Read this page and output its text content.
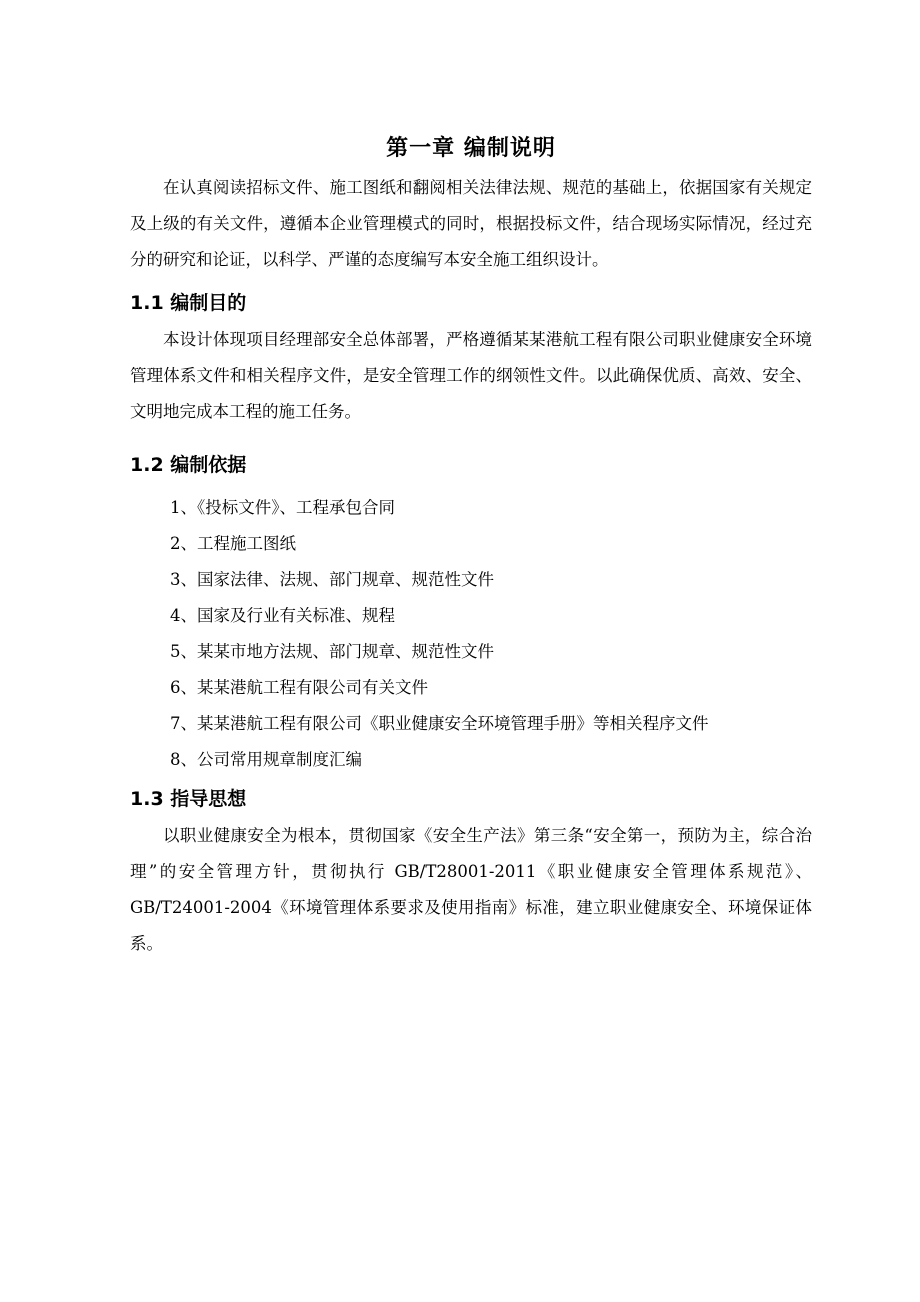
第一章 编制说明

在认真阅读招标文件、施工图纸和翻阅相关法律法规、规范的基础上，依据国家有关规定及上级的有关文件，遵循本企业管理模式的同时，根据投标文件，结合现场实际情况，经过充分的研究和论证，以科学、严谨的态度编写本安全施工组织设计。

1.1 编制目的

本设计体现项目经理部安全总体部署，严格遵循某某港航工程有限公司职业健康安全环境管理体系文件和相关程序文件，是安全管理工作的纲领性文件。以此确保优质、高效、安全、文明地完成本工程的施工任务。

1.2 编制依据
1、《投标文件》、工程承包合同
2、工程施工图纸
3、国家法律、法规、部门规章、规范性文件
4、国家及行业有关标准、规程
5、某某市地方法规、部门规章、规范性文件
6、某某港航工程有限公司有关文件
7、某某港航工程有限公司《职业健康安全环境管理手册》等相关程序文件
8、公司常用规章制度汇编
1.3 指导思想

以职业健康安全为根本，贯彻国家《安全生产法》第三条“安全第一，预防为主，综合治理”的安全管理方针，贯彻执行 GB/T28001-2011《职业健康安全管理体系规范》、GB/T24001-2004《环境管理体系要求及使用指南》标准，建立职业健康安全、环境保证体系。
